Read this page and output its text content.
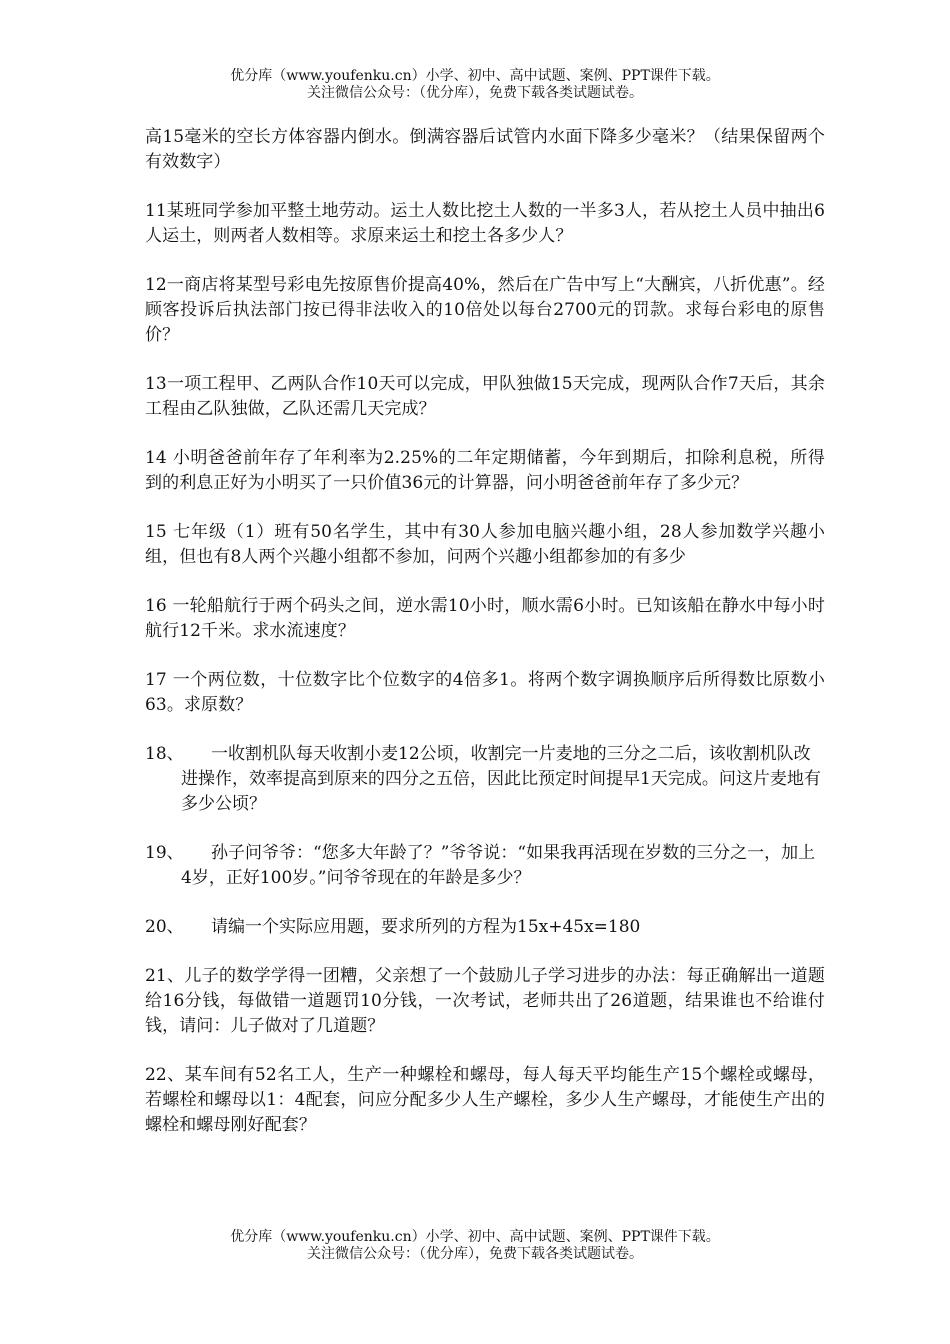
优分库（www.youfenku.cn）小学、初中、高中试题、案例、PPT课件下载。
关注微信公众号：（优分库），免费下载各类试题试卷。

高15毫米的空长方体容器内倒水。倒满容器后试管内水面下降多少毫米？（结果保留两个有效数字）

11某班同学参加平整土地劳动。运土人数比挖土人数的一半多3人，若从挖土人员中抽出6人运土，则两者人数相等。求原来运土和挖土各多少人？

12一商店将某型号彩电先按原售价提高40%，然后在广告中写上“大酬宾，八折优惠”。经顾客投诉后执法部门按已得非法收入的10倍处以每台2700元的罚款。求每台彩电的原售价？

13一项工程甲、乙两队合作10天可以完成，甲队独做15天完成，现两队合作7天后，其余工程由乙队独做，乙队还需几天完成？

14 小明爸爸前年存了年利率为2.25%的二年定期储蓄，今年到期后，扣除利息税，所得到的利息正好为小明买了一只价值36元的计算器，问小明爸爸前年存了多少元？

15 七年级（1）班有50名学生，其中有30人参加电脑兴趣小组，28人参加数学兴趣小组，但也有8人两个兴趣小组都不参加，问两个兴趣小组都参加的有多少

16 一轮船航行于两个码头之间，逆水需10小时，顺水需6小时。已知该船在静水中每小时航行12千米。求水流速度？

17 一个两位数，十位数字比个位数字的4倍多1。将两个数字调换顺序后所得数比原数小63。求原数？

18、	一收割机队每天收割小麦12公顷，收割完一片麦地的三分之二后，该收割机队改进操作，效率提高到原来的四分之五倍，因此比预定时间提早1天完成。问这片麦地有多少公顷？
19、	孙子问爷爷：“您多大年龄了？”爷爷说：“如果我再活现在岁数的三分之一，加上4岁，正好100岁。”问爷爷现在的年龄是多少？
20、	请编一个实际应用题，要求所列的方程为15x+45x=180

21、儿子的数学学得一团糟，父亲想了一个鼓励儿子学习进步的办法：每正确解出一道题给16分钱，每做错一道题罚10分钱，一次考试，老师共出了26道题，结果谁也不给谁付钱，请问：儿子做对了几道题？

22、某车间有52名工人，生产一种螺栓和螺母，每人每天平均能生产15个螺栓或螺母，若螺栓和螺母以1：4配套，问应分配多少人生产螺栓，多少人生产螺母，才能使生产出的螺栓和螺母刚好配套？

优分库（www.youfenku.cn）小学、初中、高中试题、案例、PPT课件下载。
关注微信公众号：（优分库），免费下载各类试题试卷。
